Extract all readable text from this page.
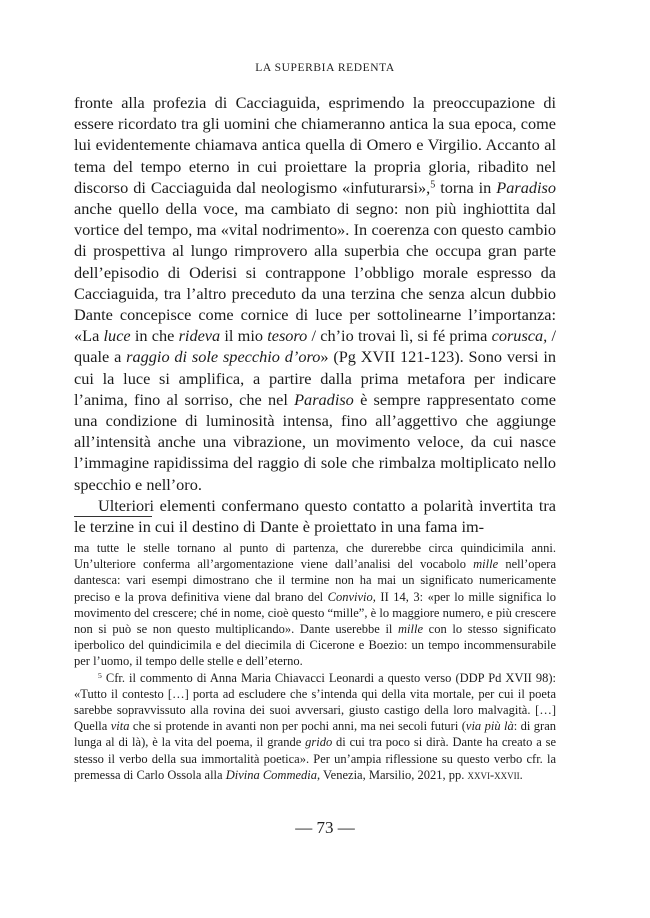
LA SUPERBIA REDENTA

fronte alla profezia di Cacciaguida, esprimendo la preoccupazione di essere ricordato tra gli uomini che chiameranno antica la sua epoca, come lui evidentemente chiamava antica quella di Omero e Virgilio. Accanto al tema del tempo eterno in cui proiettare la propria gloria, ribadito nel discorso di Cacciaguida dal neologismo «infuturarsi»,$^5$ torna in Paradiso anche quello della voce, ma cambiato di segno: non più inghiottita dal vortice del tempo, ma «vital nodrimento». In coerenza con questo cambio di prospettiva al lungo rimprovero alla superbia che occupa gran parte dell’episodio di Oderisi si contrappone l’obbligo morale espresso da Cacciaguida, tra l’altro preceduto da una terzina che senza alcun dubbio Dante concepisce come cornice di luce per sottolinearne l’importanza: «La luce in che rideva il mio tesoro / ch’io trovai lì, si fé prima corusca, / quale a raggio di sole specchio d’oro» (Pg XVII 121-123). Sono versi in cui la luce si amplifica, a partire dalla prima metafora per indicare l’anima, fino al sorriso, che nel Paradiso è sempre rappresentato come una condizione di luminosità intensa, fino all’aggettivo che aggiunge all’intensità anche una vibrazione, un movimento veloce, da cui nasce l’immagine rapidissima del raggio di sole che rimbalza moltiplicato nello specchio e nell’oro.

Ulteriori elementi confermano questo contatto a polarità invertita tra le terzine in cui il destino di Dante è proiettato in una fama im-

ma tutte le stelle tornano al punto di partenza, che durerebbe circa quindicimila anni. Un’ulteriore conferma all’argomentazione viene dall’analisi del vocabolo mille nell’opera dantesca: vari esempi dimostrano che il termine non ha mai un significato numericamente preciso e la prova definitiva viene dal brano del Convivio, II 14, 3: «per lo mille significa lo movimento del crescere; ché in nome, cioè questo “mille”, è lo maggiore numero, e più crescere non si può se non questo multiplicando». Dante userebbe il mille con lo stesso significato iperbolico del quindicimila e del diecimila di Cicerone e Boezio: un tempo incommensurabile per l’uomo, il tempo delle stelle e dell’eterno.

$^5$ Cfr. il commento di Anna Maria Chiavacci Leonardi a questo verso (DDP Pd XVII 98): «Tutto il contesto […] porta ad escludere che s’intenda qui della vita mortale, per cui il poeta sarebbe sopravvissuto alla rovina dei suoi avversari, giusto castigo della loro malvagità. […] Quella vita che si protende in avanti non per pochi anni, ma nei secoli futuri (via più là: di gran lunga al di là), è la vita del poema, il grande grido di cui tra poco si dirà. Dante ha creato a se stesso il verbo della sua immortalità poetica». Per un’ampia riflessione su questo verbo cfr. la premessa di Carlo Ossola alla Divina Commedia, Venezia, Marsilio, 2021, pp. xxvi-xxvii.

— 73 —
